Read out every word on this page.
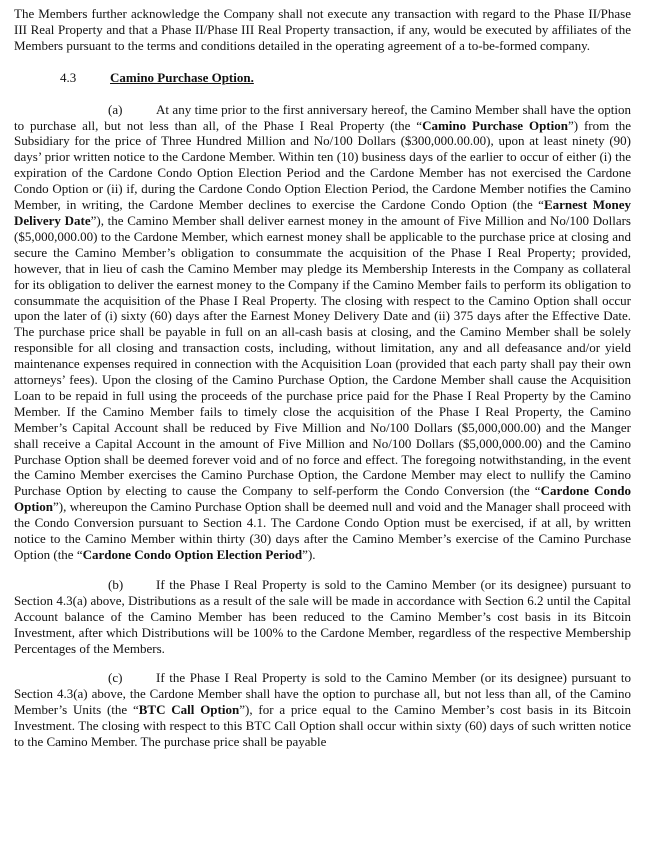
The Members further acknowledge the Company shall not execute any transaction with regard to the Phase II/Phase III Real Property and that a Phase II/Phase III Real Property transaction, if any, would be executed by affiliates of the Members pursuant to the terms and conditions detailed in the operating agreement of a to-be-formed company.

4.3	Camino Purchase Option.

(a)	At any time prior to the first anniversary hereof, the Camino Member shall have the option to purchase all, but not less than all, of the Phase I Real Property (the “Camino Purchase Option”) from the Subsidiary for the price of Three Hundred Million and No/100 Dollars ($300,000.00.00), upon at least ninety (90) days’ prior written notice to the Cardone Member. Within ten (10) business days of the earlier to occur of either (i) the expiration of the Cardone Condo Option Election Period and the Cardone Member has not exercised the Cardone Condo Option or (ii) if, during the Cardone Condo Option Election Period, the Cardone Member notifies the Camino Member, in writing, the Cardone Member declines to exercise the Cardone Condo Option (the “Earnest Money Delivery Date”), the Camino Member shall deliver earnest money in the amount of Five Million and No/100 Dollars ($5,000,000.00) to the Cardone Member, which earnest money shall be applicable to the purchase price at closing and secure the Camino Member’s obligation to consummate the acquisition of the Phase I Real Property; provided, however, that in lieu of cash the Camino Member may pledge its Membership Interests in the Company as collateral for its obligation to deliver the earnest money to the Company if the Camino Member fails to perform its obligation to consummate the acquisition of the Phase I Real Property. The closing with respect to the Camino Option shall occur upon the later of (i) sixty (60) days after the Earnest Money Delivery Date and (ii) 375 days after the Effective Date. The purchase price shall be payable in full on an all-cash basis at closing, and the Camino Member shall be solely responsible for all closing and transaction costs, including, without limitation, any and all defeasance and/or yield maintenance expenses required in connection with the Acquisition Loan (provided that each party shall pay their own attorneys’ fees). Upon the closing of the Camino Purchase Option, the Cardone Member shall cause the Acquisition Loan to be repaid in full using the proceeds of the purchase price paid for the Phase I Real Property by the Camino Member. If the Camino Member fails to timely close the acquisition of the Phase I Real Property, the Camino Member’s Capital Account shall be reduced by Five Million and No/100 Dollars ($5,000,000.00) and the Manger shall receive a Capital Account in the amount of Five Million and No/100 Dollars ($5,000,000.00) and the Camino Purchase Option shall be deemed forever void and of no force and effect. The foregoing notwithstanding, in the event the Camino Member exercises the Camino Purchase Option, the Cardone Member may elect to nullify the Camino Purchase Option by electing to cause the Company to self-perform the Condo Conversion (the “Cardone Condo Option”), whereupon the Camino Purchase Option shall be deemed null and void and the Manager shall proceed with the Condo Conversion pursuant to Section 4.1. The Cardone Condo Option must be exercised, if at all, by written notice to the Camino Member within thirty (30) days after the Camino Member’s exercise of the Camino Purchase Option (the “Cardone Condo Option Election Period”).

(b)	If the Phase I Real Property is sold to the Camino Member (or its designee) pursuant to Section 4.3(a) above, Distributions as a result of the sale will be made in accordance with Section 6.2 until the Capital Account balance of the Camino Member has been reduced to the Camino Member’s cost basis in its Bitcoin Investment, after which Distributions will be 100% to the Cardone Member, regardless of the respective Membership Percentages of the Members.

(c)	If the Phase I Real Property is sold to the Camino Member (or its designee) pursuant to Section 4.3(a) above, the Cardone Member shall have the option to purchase all, but not less than all, of the Camino Member’s Units (the “BTC Call Option”), for a price equal to the Camino Member’s cost basis in its Bitcoin Investment. The closing with respect to this BTC Call Option shall occur within sixty (60) days of such written notice to the Camino Member. The purchase price shall be payable
